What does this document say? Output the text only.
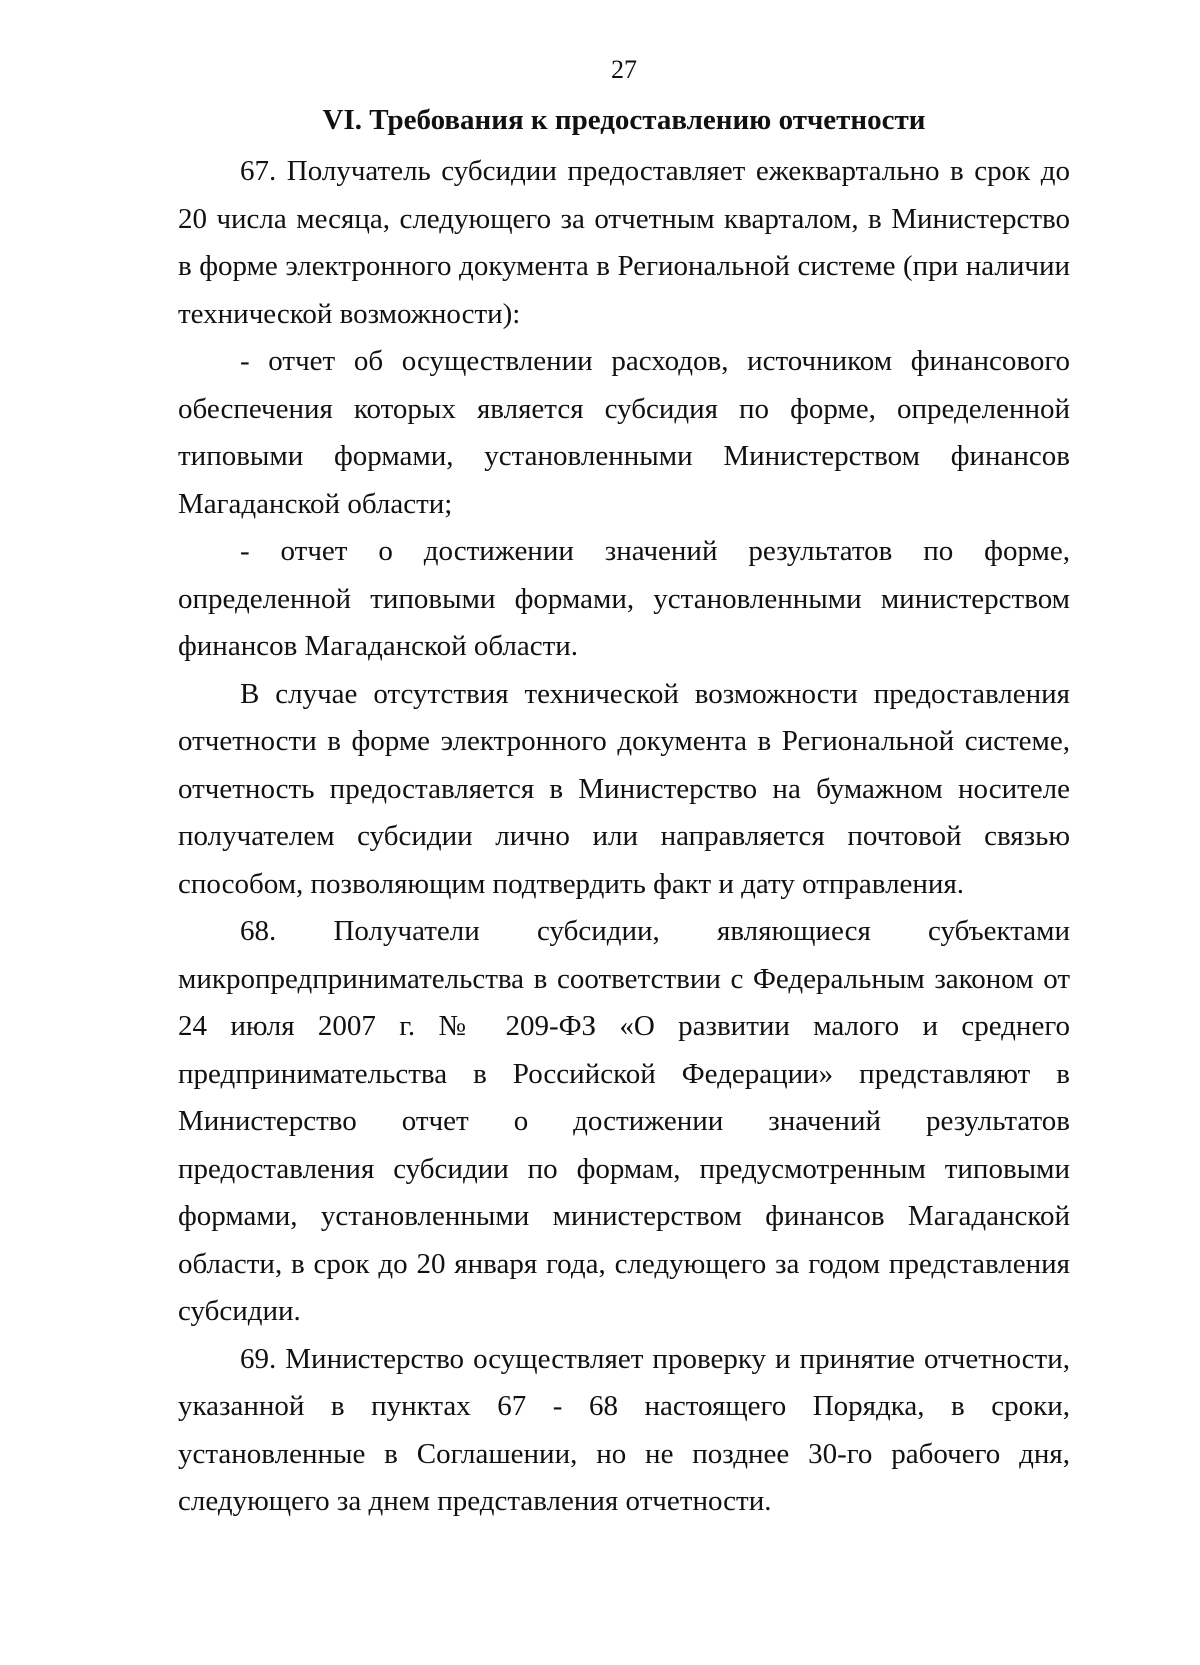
27
VI. Требования к предоставлению отчетности

67. Получатель субсидии предоставляет ежеквартально в срок до 20 числа месяца, следующего за отчетным кварталом, в Министерство в форме электронного документа в Региональной системе (при наличии технической возможности):

- отчет об осуществлении расходов, источником финансового обеспечения которых является субсидия по форме, определенной типовыми формами, установленными Министерством финансов Магаданской области;

- отчет о достижении значений результатов по форме, определенной типовыми формами, установленными министерством финансов Магаданской области.

В случае отсутствия технической возможности предоставления отчетности в форме электронного документа в Региональной системе, отчетность предоставляется в Министерство на бумажном носителе получателем субсидии лично или направляется почтовой связью способом, позволяющим подтвердить факт и дату отправления.

68. Получатели субсидии, являющиеся субъектами микропредпринимательства в соответствии с Федеральным законом от 24 июля 2007 г. № 209-ФЗ «О развитии малого и среднего предпринимательства в Российской Федерации» представляют в Министерство отчет о достижении значений результатов предоставления субсидии по формам, предусмотренным типовыми формами, установленными министерством финансов Магаданской области, в срок до 20 января года, следующего за годом представления субсидии.

69. Министерство осуществляет проверку и принятие отчетности, указанной в пунктах 67 - 68 настоящего Порядка, в сроки, установленные в Соглашении, но не позднее 30-го рабочего дня, следующего за днем представления отчетности.
